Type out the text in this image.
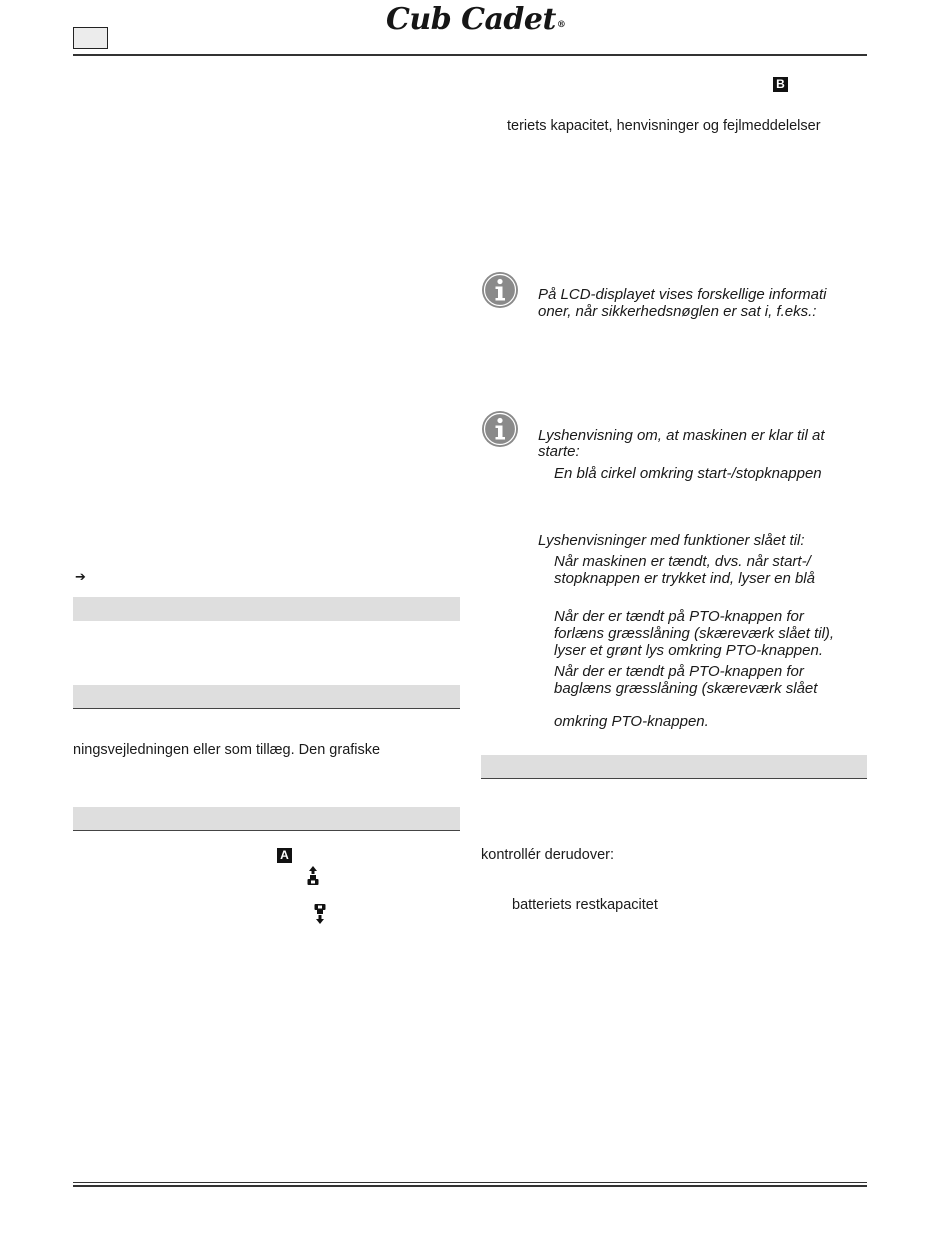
Cub Cadet®
➔
ningsvejledningen eller som tillæg. Den grafiske
A
B
teriets kapacitet, henvisninger og fejlmeddelelser
På LCD-displayet vises forskellige informati
oner, når sikkerhedsnøglen er sat i, f.eks.:
Lyshenvisning om, at maskinen er klar til at
starte:
En blå cirkel omkring start-/stopknappen
Lyshenvisninger med funktioner slået til:
Når maskinen er tændt, dvs. når start-/
stopknappen er trykket ind, lyser en blå
Når der er tændt på PTO-knappen for
forlæns græsslåning (skæreværk slået til),
lyser et grønt lys omkring PTO-knappen.
Når der er tændt på PTO-knappen for
baglæns græsslåning (skæreværk slået
omkring PTO-knappen.
kontrollér derudover:
batteriets restkapacitet
